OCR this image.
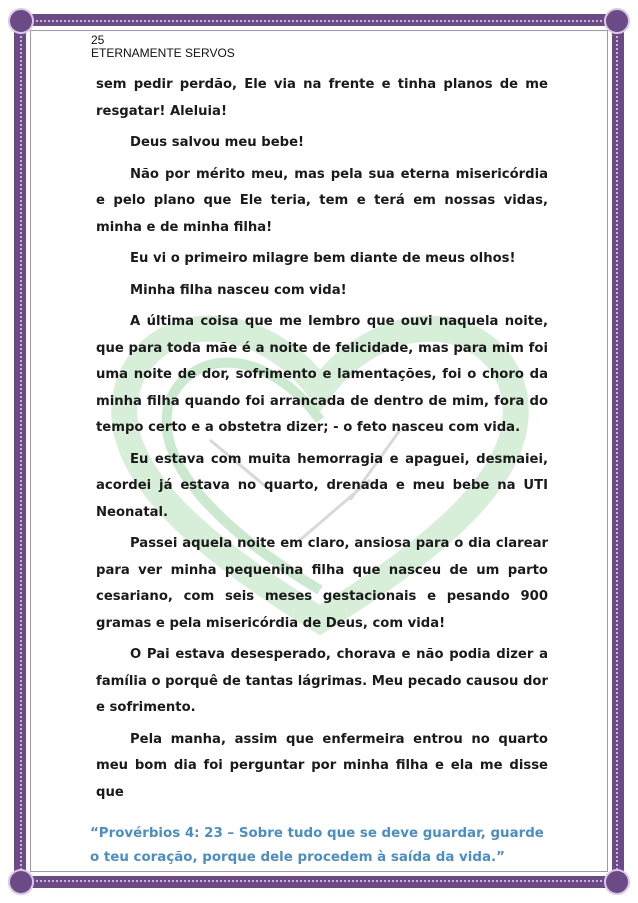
25
ETERNAMENTE SERVOS

sem pedir perdão, Ele via na frente e tinha planos de me resgatar! Aleluia!

Deus salvou meu bebe!

Não por mérito meu, mas pela sua eterna misericórdia e pelo plano que Ele teria, tem e terá em nossas vidas, minha e de minha filha!

Eu vi o primeiro milagre bem diante de meus olhos!

Minha filha nasceu com vida!

A última coisa que me lembro que ouvi naquela noite, que para toda mãe é a noite de felicidade, mas para mim foi uma noite de dor, sofrimento e lamentações, foi o choro da minha filha quando foi arrancada de dentro de mim, fora do tempo certo e a obstetra dizer; - o feto nasceu com vida.

Eu estava com muita hemorragia e apaguei, desmaiei, acordei já estava no quarto, drenada e meu bebe na UTI Neonatal.

Passei aquela noite em claro, ansiosa para o dia clarear para ver minha pequenina filha que nasceu de um parto cesariano, com seis meses gestacionais e pesando 900 gramas e pela misericórdia de Deus, com vida!

O Pai estava desesperado, chorava e não podia dizer a família o porquê de tantas lágrimas. Meu pecado causou dor e sofrimento.

Pela manha, assim que enfermeira entrou no quarto meu bom dia foi perguntar por minha filha e ela me disse que

“Provérbios 4: 23 – Sobre tudo que se deve guardar, guarde o teu coração, porque dele procedem à saída da vida.”
